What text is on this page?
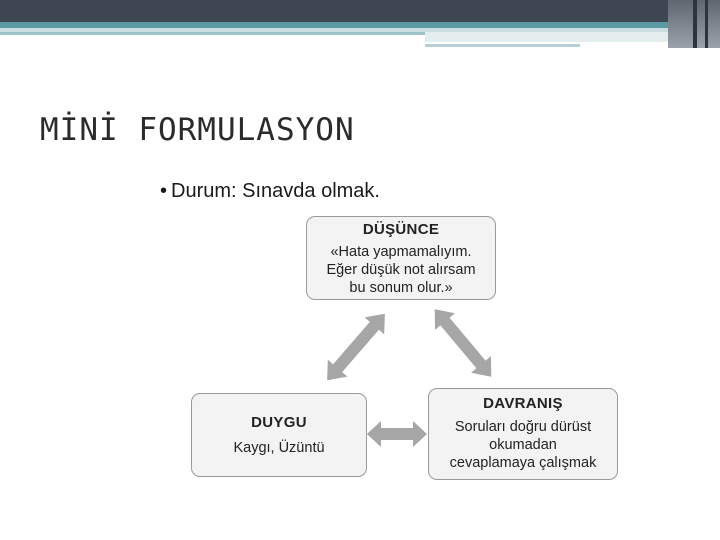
MİNİ FORMULASYON
• Durum: Sınavda olmak.
DÜŞÜNCE
«Hata yapmamalıyım.
Eğer düşük not alırsam
bu sonum olur.»
DUYGU
Kaygı, Üzüntü
DAVRANIŞ
Soruları doğru dürüst
okumadan
cevaplamaya çalışmak
